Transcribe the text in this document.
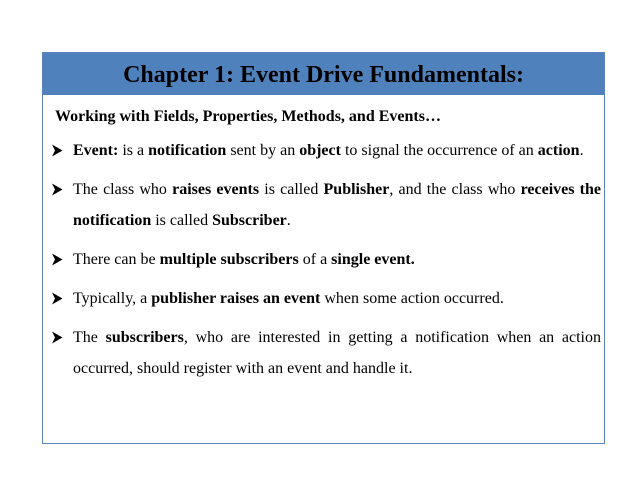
Chapter 1: Event Drive Fundamentals:
Working with Fields, Properties, Methods, and Events…
Event: is a notification sent by an object to signal the occurrence of an action.
The class who raises events is called Publisher, and the class who receives the notification is called Subscriber.
There can be multiple subscribers of a single event.
Typically, a publisher raises an event when some action occurred.
The subscribers, who are interested in getting a notification when an action occurred, should register with an event and handle it.
